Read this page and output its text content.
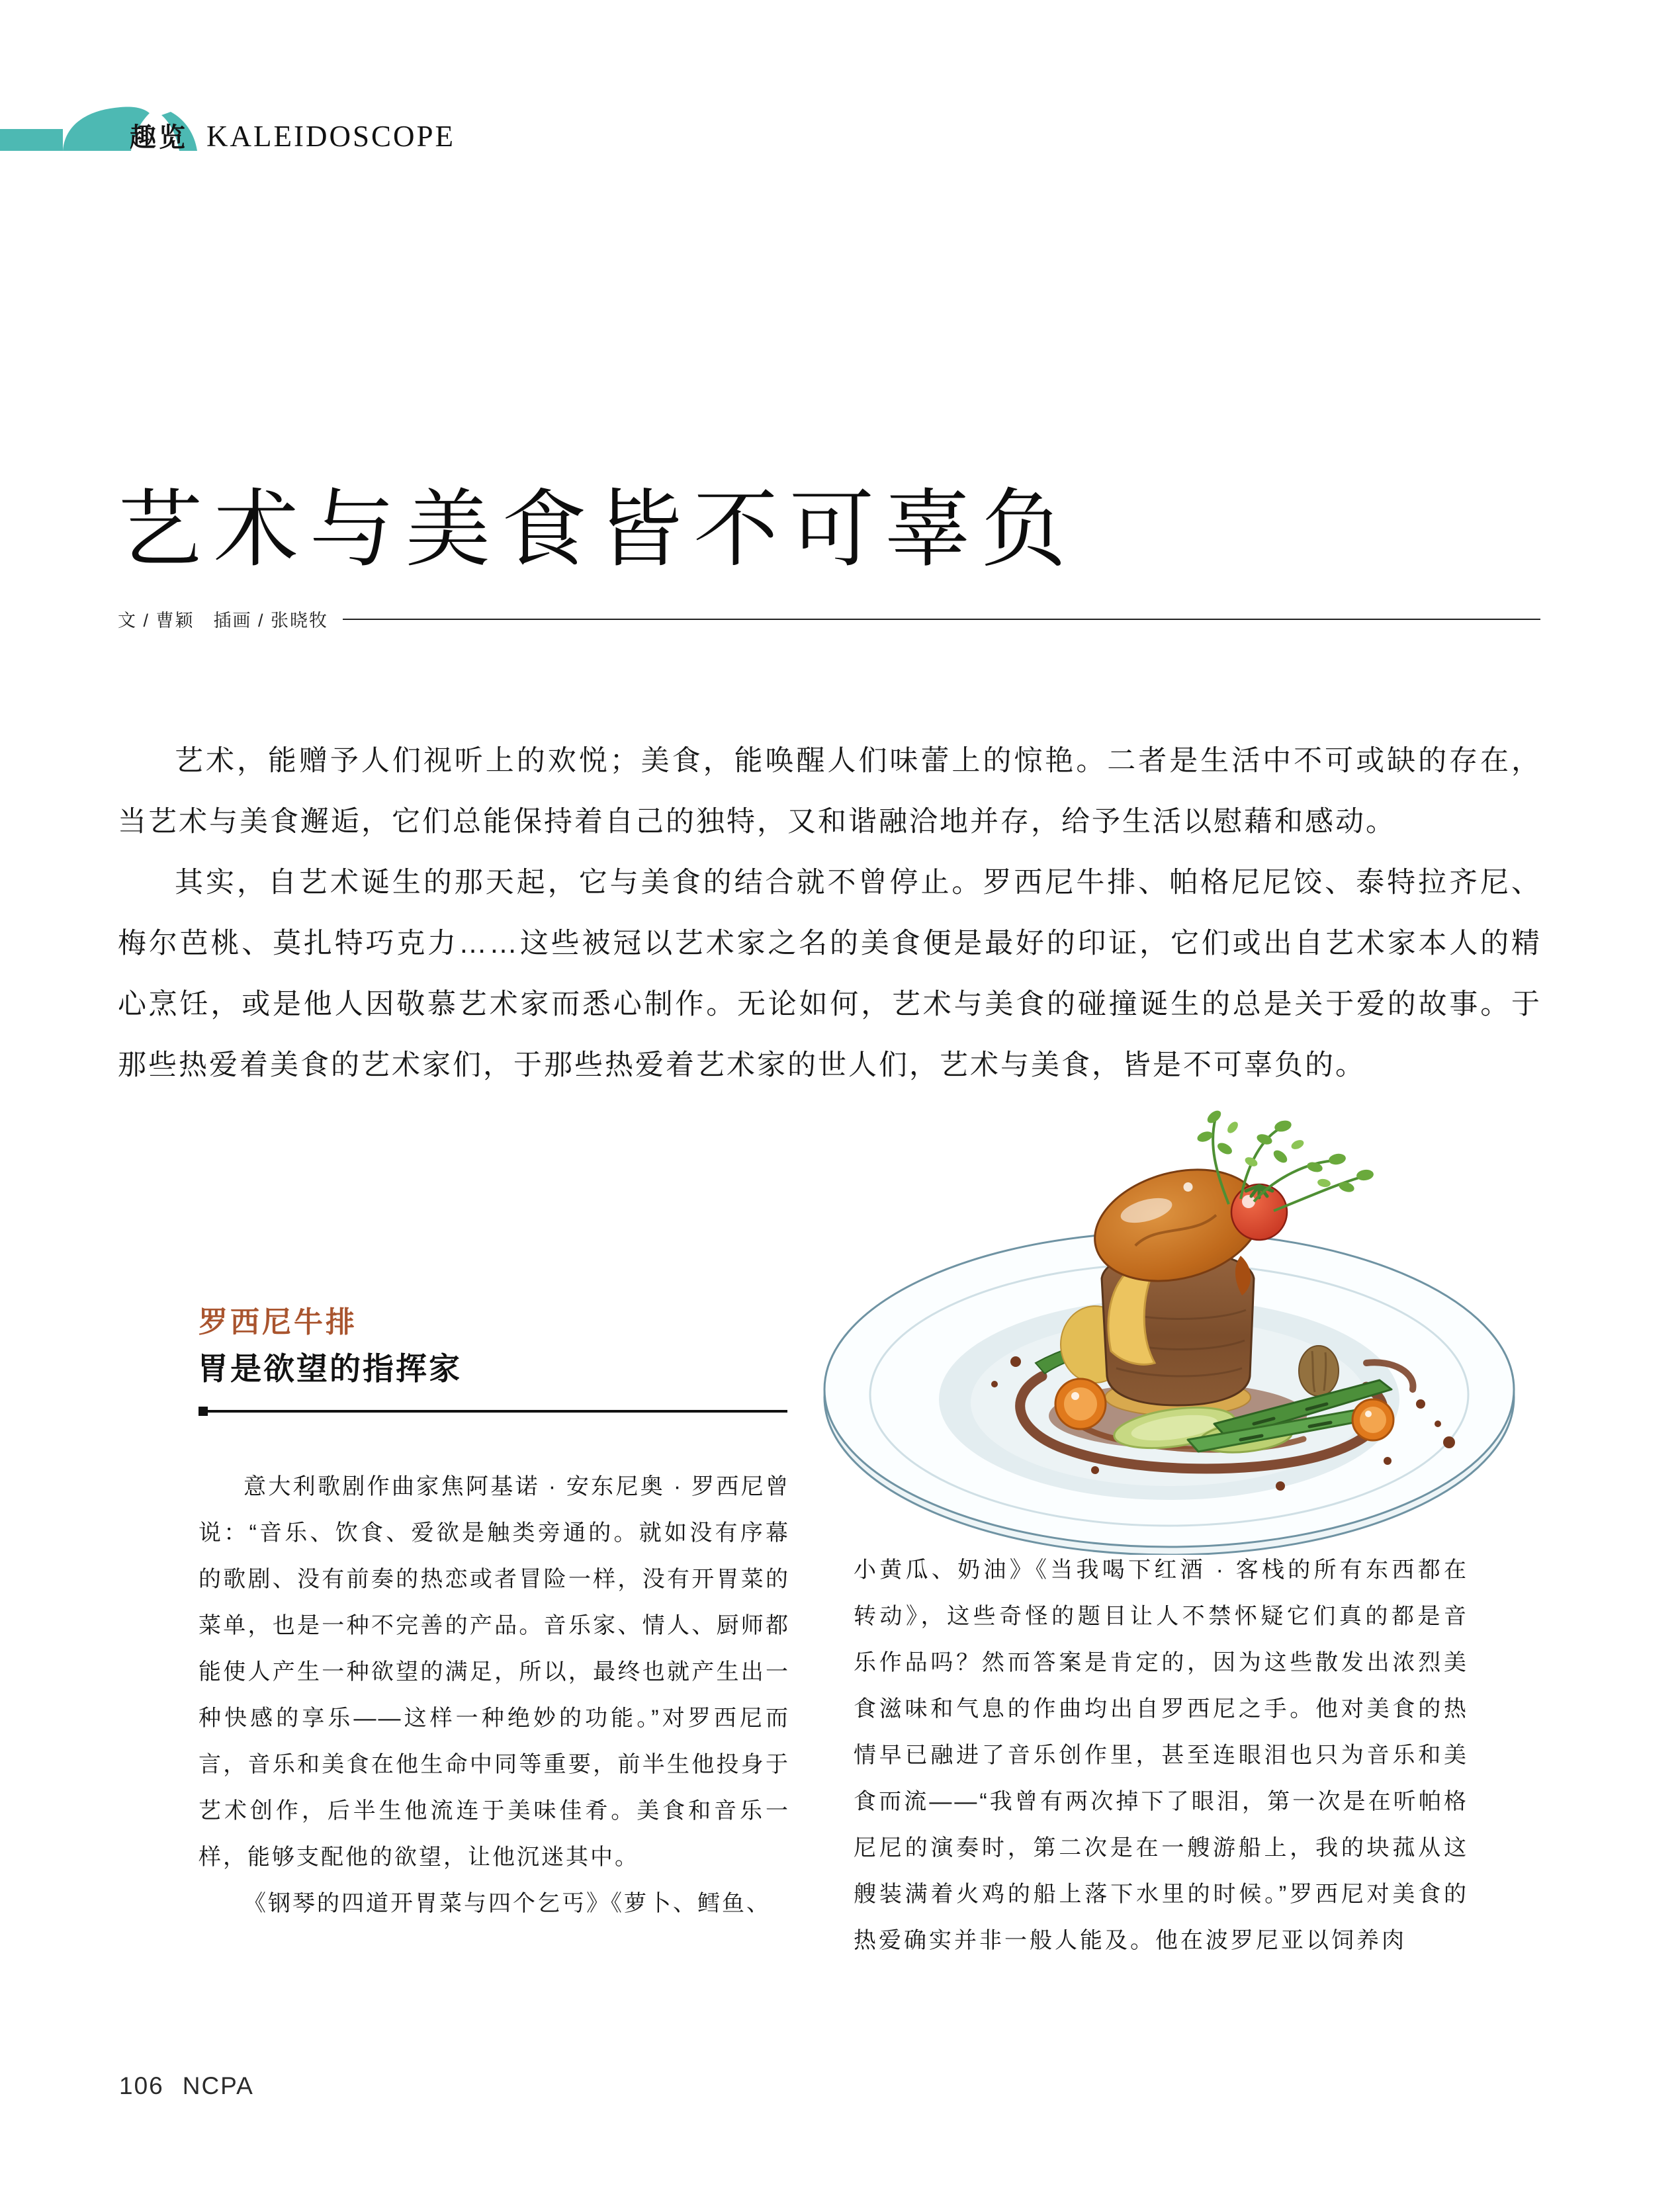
趣览 KALEIDOSCOPE
艺术与美食皆不可辜负
文 / 曹颖　插画 / 张晓牧

艺术，能赠予人们视听上的欢悦；美食，能唤醒人们味蕾上的惊艳。二者是生活中不可或缺的存在，当艺术与美食邂逅，它们总能保持着自己的独特，又和谐融洽地并存，给予生活以慰藉和感动。

其实，自艺术诞生的那天起，它与美食的结合就不曾停止。罗西尼牛排、帕格尼尼饺、泰特拉齐尼、梅尔芭桃、莫扎特巧克力……这些被冠以艺术家之名的美食便是最好的印证，它们或出自艺术家本人的精心烹饪，或是他人因敬慕艺术家而悉心制作。无论如何，艺术与美食的碰撞诞生的总是关于爱的故事。于那些热爱着美食的艺术家们，于那些热爱着艺术家的世人们，艺术与美食，皆是不可辜负的。

罗西尼牛排
胃是欲望的指挥家

意大利歌剧作曲家焦阿基诺 · 安东尼奥 · 罗西尼曾说：“音乐、饮食、爱欲是触类旁通的。就如没有序幕的歌剧、没有前奏的热恋或者冒险一样，没有开胃菜的菜单，也是一种不完善的产品。音乐家、情人、厨师都能使人产生一种欲望的满足，所以，最终也就产生出一种快感的享乐——这样一种绝妙的功能。”对罗西尼而言，音乐和美食在他生命中同等重要，前半生他投身于艺术创作，后半生他流连于美味佳肴。美食和音乐一样，能够支配他的欲望，让他沉迷其中。

《钢琴的四道开胃菜与四个乞丐》《萝卜、鳕鱼、

小黄瓜、奶油》《当我喝下红酒 · 客栈的所有东西都在转动》，这些奇怪的题目让人不禁怀疑它们真的都是音乐作品吗？然而答案是肯定的，因为这些散发出浓烈美食滋味和气息的作曲均出自罗西尼之手。他对美食的热情早已融进了音乐创作里，甚至连眼泪也只为音乐和美食而流——“我曾有两次掉下了眼泪，第一次是在听帕格尼尼的演奏时，第二次是在一艘游船上，我的块菰从这艘装满着火鸡的船上落下水里的时候。”罗西尼对美食的热爱确实并非一般人能及。他在波罗尼亚以饲养肉

106 NCPA
